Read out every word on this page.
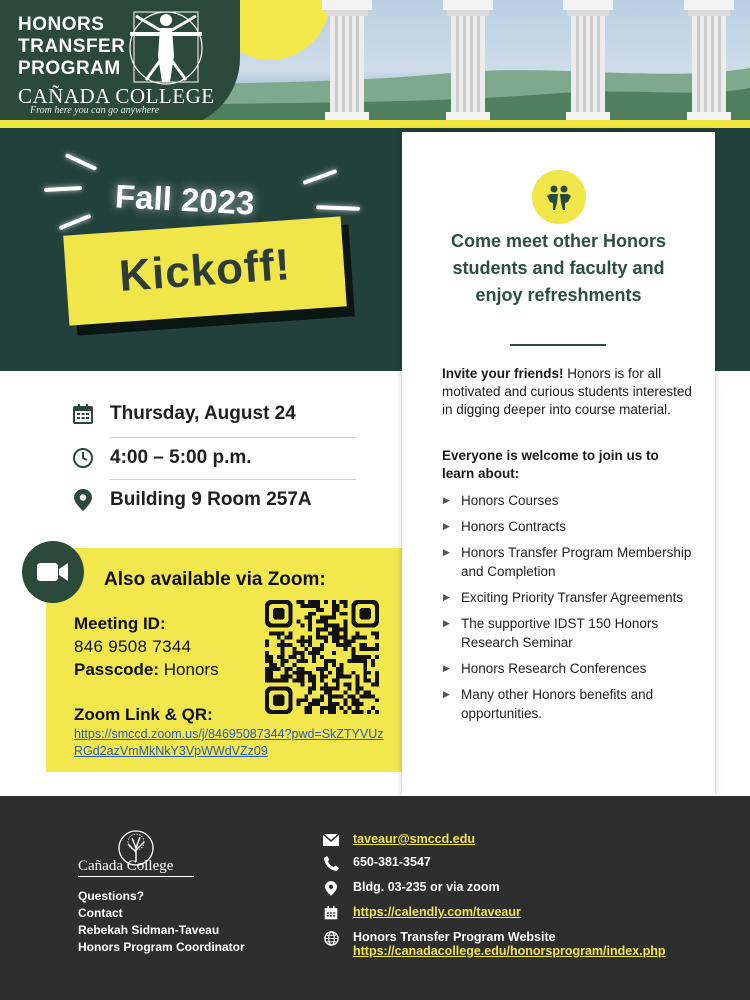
HONORS
TRANSFER
PROGRAM
CAÑADA COLLEGE
From here you can go anywhere
Fall 2023
Kickoff!
Thursday, August 24
4:00 – 5:00 p.m.
Building 9 Room 257A
Also available via Zoom:
Meeting ID:
846 9508 7344
Passcode: Honors
Zoom Link & QR:
https://smccd.zoom.us/j/84695087344?pwd=SkZTYVUzRGd2azVmMkNkY3VpWWdVZz09
Come meet other Honors students and faculty and enjoy refreshments
Invite your friends! Honors is for all motivated and curious students interested in digging deeper into course material.
Everyone is welcome to join us to learn about:
▶ Honors Courses
▶ Honors Contracts
▶ Honors Transfer Program Membership and Completion
▶ Exciting Priority Transfer Agreements
▶ The supportive IDST 150 Honors Research Seminar
▶ Honors Research Conferences
▶ Many other Honors benefits and opportunities.
Cañada College
Questions?
Contact
Rebekah Sidman-Taveau
Honors Program Coordinator
taveaur@smccd.edu
650-381-3547
Bldg. 03-235 or via zoom
https://calendly.com/taveaur
Honors Transfer Program Website
https://canadacollege.edu/honorsprogram/index.php
